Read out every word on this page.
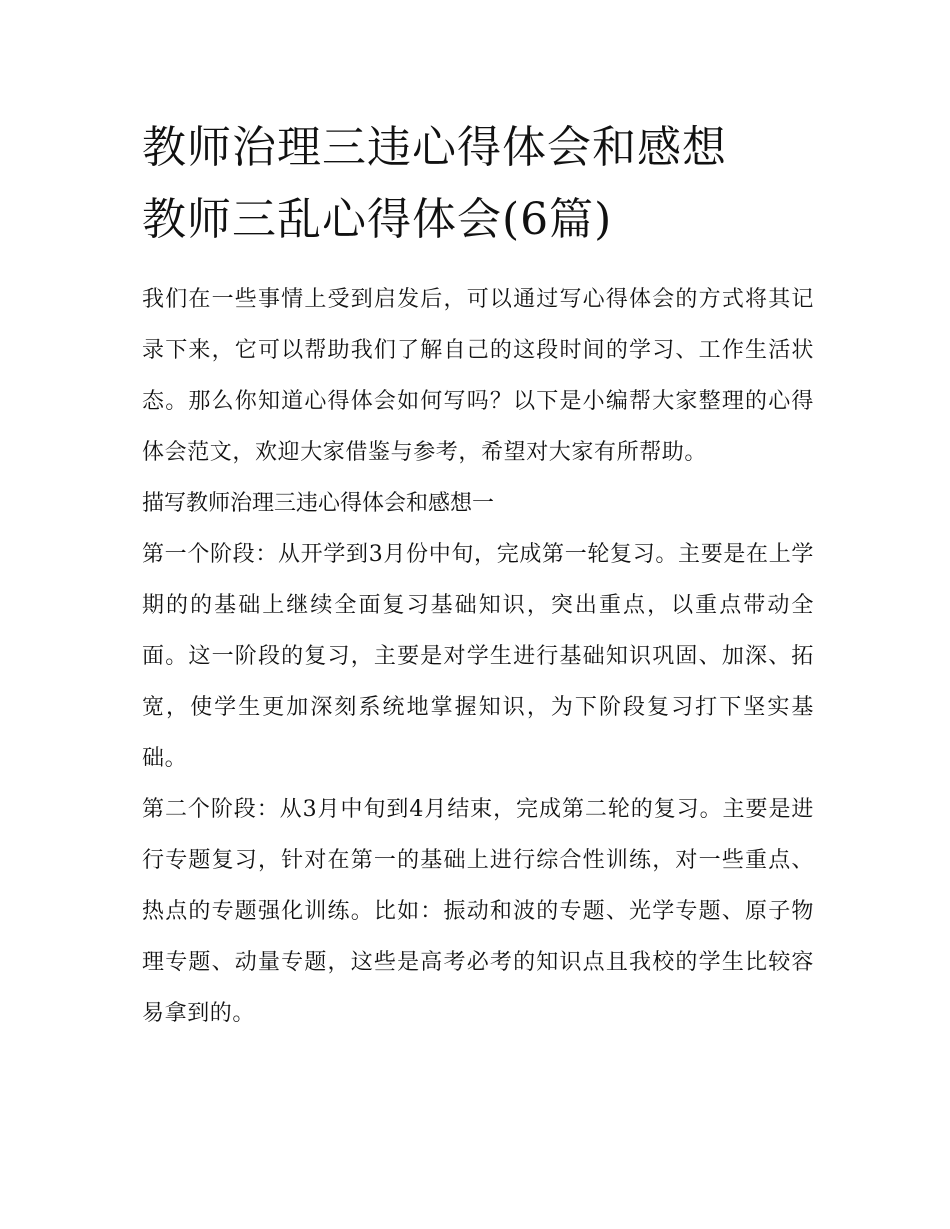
教师治理三违心得体会和感想
教师三乱心得体会(6篇)

我们在一些事情上受到启发后，可以通过写心得体会的方式将其记录下来，它可以帮助我们了解自己的这段时间的学习、工作生活状态。那么你知道心得体会如何写吗？以下是小编帮大家整理的心得体会范文，欢迎大家借鉴与参考，希望对大家有所帮助。

描写教师治理三违心得体会和感想一

第一个阶段：从开学到3月份中旬，完成第一轮复习。主要是在上学期的的基础上继续全面复习基础知识，突出重点，以重点带动全面。这一阶段的复习，主要是对学生进行基础知识巩固、加深、拓宽，使学生更加深刻系统地掌握知识，为下阶段复习打下坚实基础。

第二个阶段：从3月中旬到4月结束，完成第二轮的复习。主要是进行专题复习，针对在第一的基础上进行综合性训练，对一些重点、热点的专题强化训练。比如：振动和波的专题、光学专题、原子物理专题、动量专题，这些是高考必考的知识点且我校的学生比较容易拿到的。
